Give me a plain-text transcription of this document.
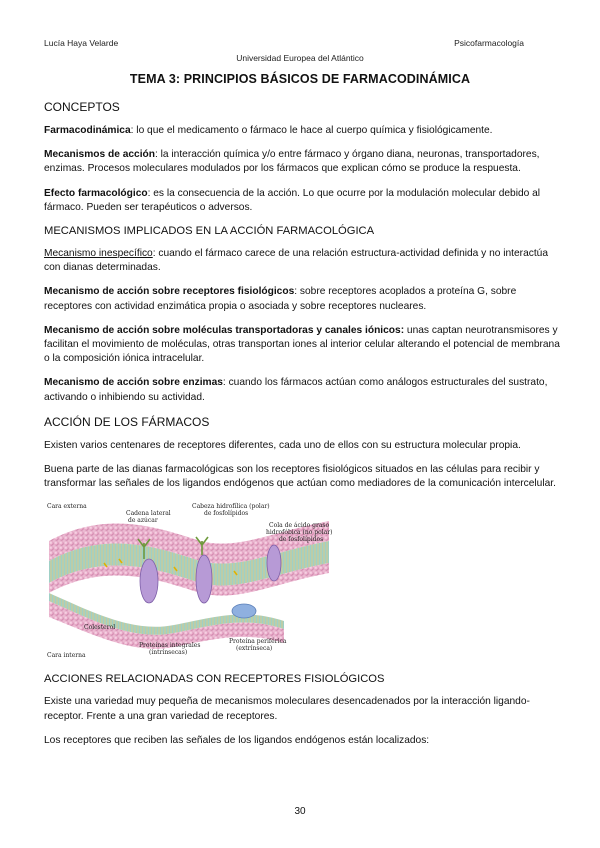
Lucía Haya Velarde	Psicofarmacología
Universidad Europea del Atlántico
TEMA 3: PRINCIPIOS BÁSICOS DE FARMACODINÁMICA
CONCEPTOS

Farmacodinámica: lo que el medicamento o fármaco le hace al cuerpo química y fisiológicamente.

Mecanismos de acción: la interacción química y/o entre fármaco y órgano diana, neuronas, transportadores, enzimas. Procesos moleculares modulados por los fármacos que explican cómo se produce la respuesta.

Efecto farmacológico: es la consecuencia de la acción. Lo que ocurre por la modulación molecular debido al fármaco. Pueden ser terapéuticos o adversos.

MECANISMOS IMPLICADOS EN LA ACCIÓN FARMACOLÓGICA

Mecanismo inespecífico: cuando el fármaco carece de una relación estructura-actividad definida y no interactúa con dianas determinadas.

Mecanismo de acción sobre receptores fisiológicos: sobre receptores acoplados a proteína G, sobre receptores con actividad enzimática propia o asociada y sobre receptores nucleares.

Mecanismo de acción sobre moléculas transportadoras y canales iónicos: unas captan neurotransmisores y facilitan el movimiento de moléculas, otras transportan iones al interior celular alterando el potencial de membrana o la composición iónica intracelular.

Mecanismo de acción sobre enzimas: cuando los fármacos actúan como análogos estructurales del sustrato, activando o inhibiendo su actividad.

ACCIÓN DE LOS FÁRMACOS

Existen varios centenares de receptores diferentes, cada uno de ellos con su estructura molecular propia.

Buena parte de las dianas farmacológicas son los receptores fisiológicos situados en las células para recibir y transformar las señales de los ligandos endógenos que actúan como mediadores de la comunicación intercelular.

Cara externa
Cara interna
Cadena lateral
de azúcar
Cabeza hidrofílica (polar)
de fosfolípidos
Cola de ácido graso
hidrofóbica (no polar)
de fosfolípidos
Colesterol
Proteínas integrales
(intrínsecas)
Proteína periférica
(extrínseca)
ACCIONES RELACIONADAS CON RECEPTORES FISIOLÓGICOS

Existe una variedad muy pequeña de mecanismos moleculares desencadenados por la interacción ligando-receptor. Frente a una gran variedad de receptores.

Los receptores que reciben las señales de los ligandos endógenos están localizados:

30
